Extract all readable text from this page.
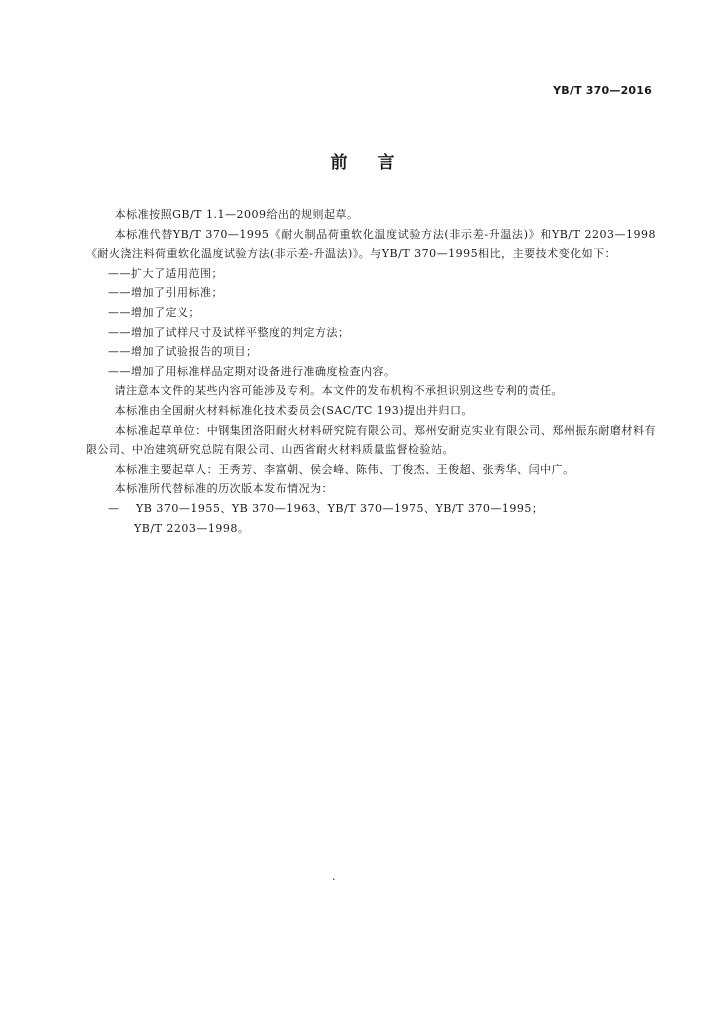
YB/T 370—2016
前言

本标准按照GB/T 1.1—2009给出的规则起草。

本标准代替YB/T 370—1995《耐火制品荷重软化温度试验方法(非示差-升温法)》和YB/T 2203—1998《耐火浇注料荷重软化温度试验方法(非示差-升温法)》。与YB/T 370—1995相比，主要技术变化如下：

——扩大了适用范围；

——增加了引用标准；

——增加了定义；

——增加了试样尺寸及试样平整度的判定方法；

——增加了试验报告的项目；

——增加了用标准样品定期对设备进行准确度检查内容。

请注意本文件的某些内容可能涉及专利。本文件的发布机构不承担识别这些专利的责任。

本标准由全国耐火材料标准化技术委员会(SAC/TC 193)提出并归口。

本标准起草单位：中钢集团洛阳耐火材料研究院有限公司、郑州安耐克实业有限公司、郑州振东耐磨材料有限公司、中冶建筑研究总院有限公司、山西省耐火材料质量监督检验站。

本标准主要起草人：王秀芳、李富朝、侯会峰、陈伟、丁俊杰、王俊超、张秀华、闫中广。

本标准所代替标准的历次版本发布情况为：

— YB 370—1955、YB 370—1963、YB/T 370—1975、YB/T 370—1995；

YB/T 2203—1998。

.
